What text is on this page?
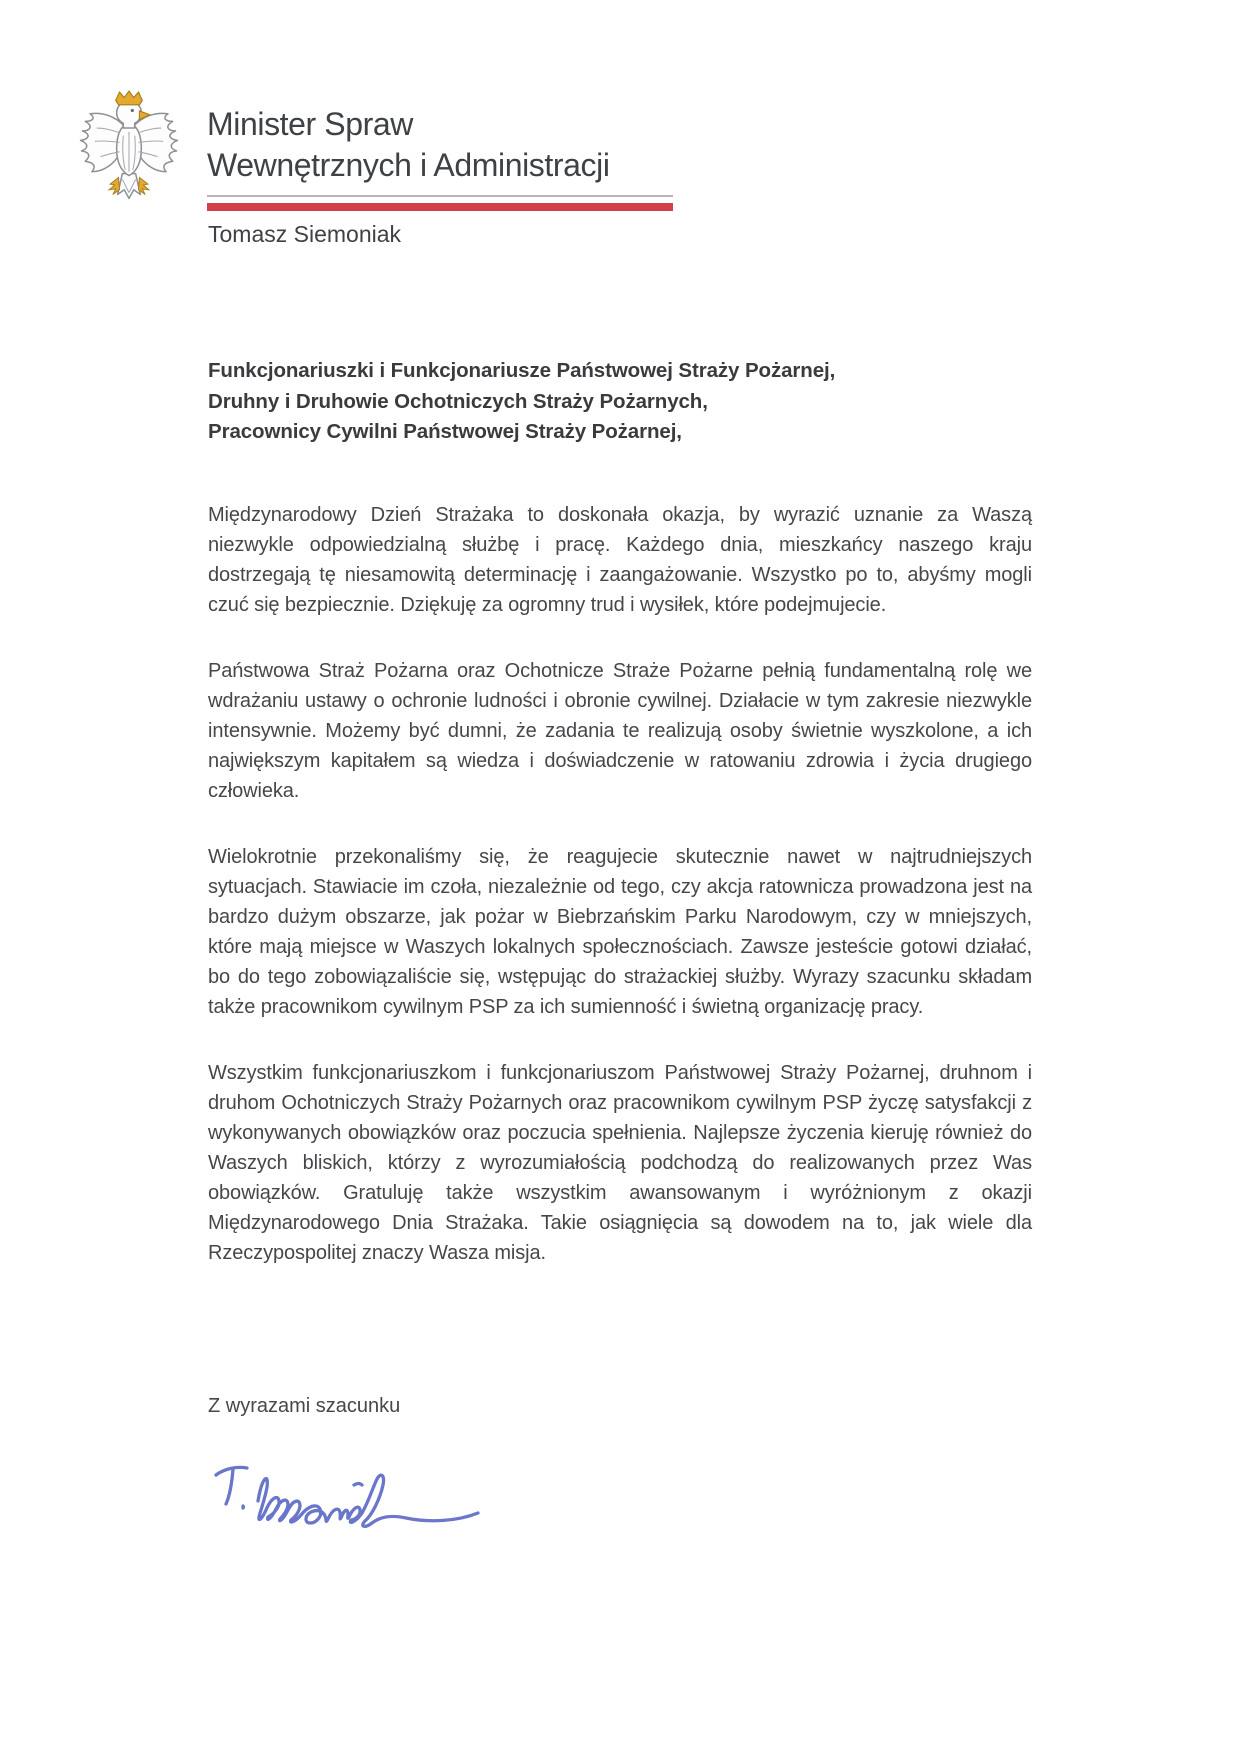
Minister Spraw
Wewnętrznych i Administracji
Tomasz Siemoniak
Funkcjonariuszki i Funkcjonariusze Państwowej Straży Pożarnej,
Druhny i Druhowie Ochotniczych Straży Pożarnych,
Pracownicy Cywilni Państwowej Straży Pożarnej,

Międzynarodowy Dzień Strażaka to doskonała okazja, by wyrazić uznanie za Waszą niezwykle odpowiedzialną służbę i pracę. Każdego dnia, mieszkańcy naszego kraju dostrzegają tę niesamowitą determinację i zaangażowanie. Wszystko po to, abyśmy mogli czuć się bezpiecznie. Dziękuję za ogromny trud i wysiłek, które podejmujecie.

Państwowa Straż Pożarna oraz Ochotnicze Straże Pożarne pełnią fundamentalną rolę we wdrażaniu ustawy o ochronie ludności i obronie cywilnej. Działacie w tym zakresie niezwykle intensywnie. Możemy być dumni, że zadania te realizują osoby świetnie wyszkolone, a ich największym kapitałem są wiedza i doświadczenie w ratowaniu zdrowia i życia drugiego człowieka.

Wielokrotnie przekonaliśmy się, że reagujecie skutecznie nawet w najtrudniejszych sytuacjach. Stawiacie im czoła, niezależnie od tego, czy akcja ratownicza prowadzona jest na bardzo dużym obszarze, jak pożar w Biebrzańskim Parku Narodowym, czy w mniejszych, które mają miejsce w Waszych lokalnych społecznościach. Zawsze jesteście gotowi działać, bo do tego zobowiązaliście się, wstępując do strażackiej służby. Wyrazy szacunku składam także pracownikom cywilnym PSP za ich sumienność i świetną organizację pracy.

Wszystkim funkcjonariuszkom i funkcjonariuszom Państwowej Straży Pożarnej, druhnom i druhom Ochotniczych Straży Pożarnych oraz pracownikom cywilnym PSP życzę satysfakcji z wykonywanych obowiązków oraz poczucia spełnienia. Najlepsze życzenia kieruję również do Waszych bliskich, którzy z wyrozumiałością podchodzą do realizowanych przez Was obowiązków. Gratuluję także wszystkim awansowanym i wyróżnionym z okazji Międzynarodowego Dnia Strażaka. Takie osiągnięcia są dowodem na to, jak wiele dla Rzeczypospolitej znaczy Wasza misja.

Z wyrazami szacunku
